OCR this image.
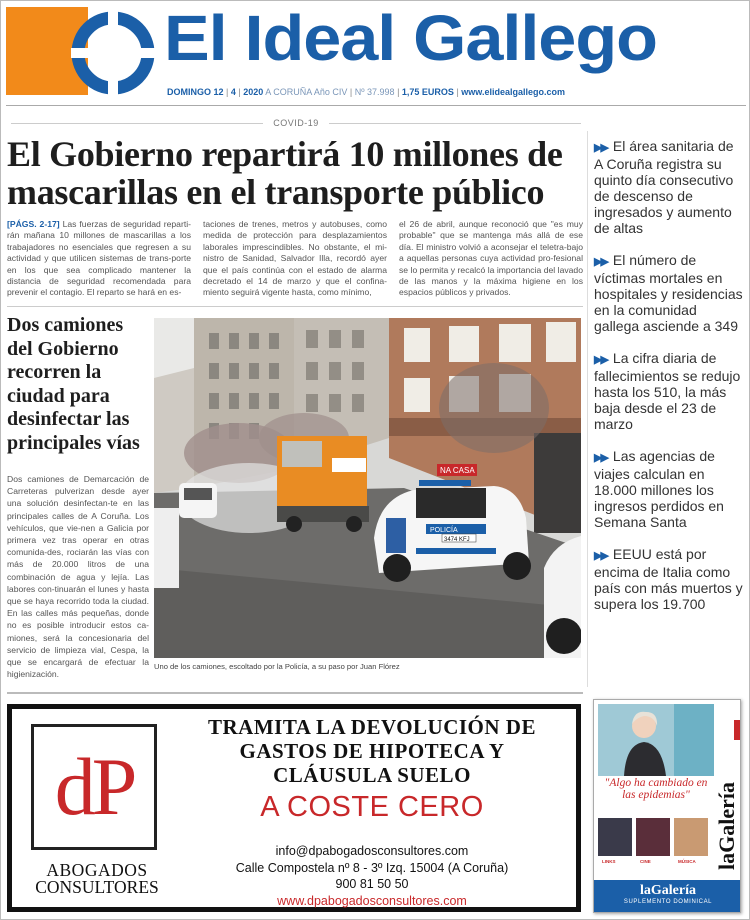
El Ideal Gallego
DOMINGO 12 | 4 | 2020 A CORUÑA Año CIV | Nº 37.998 | 1,75 EUROS | www.elidealgallego.com
COVID-19
El Gobierno repartirá 10 millones de mascarillas en el transporte público

[PÁGS. 2-17] Las fuerzas de seguridad reparti-rán mañana 10 millones de mascarillas a los trabajadores no esenciales que regresen a su actividad y que utilicen sistemas de trans-porte en los que sea complicado mantener la distancia de seguridad recomendada para prevenir el contagio. El reparto se hará en es-

taciones de trenes, metros y autobuses, como medida de protección para desplazamientos laborales imprescindibles. No obstante, el mi-nistro de Sanidad, Salvador Illa, recordó ayer que el país continúa con el estado de alarma decretado el 14 de marzo y que el confina-miento seguirá vigente hasta, como mínimo,

el 26 de abril, aunque reconoció que "es muy probable" que se mantenga más allá de ese día. El ministro volvió a aconsejar el teletra-bajo a aquellas personas cuya actividad pro-fesional se lo permita y recalcó la importancia del lavado de las manos y la máxima higiene en los espacios públicos y privados.

Dos camiones del Gobierno recorren la ciudad para desinfectar las principales vías

Dos camiones de Demarcación de Carreteras pulverizan desde ayer una solución desinfectan-te en las principales calles de A Coruña. Los vehículos, que vie-nen a Galicia por primera vez tras operar en otras comunida-des, rociarán las vías con más de 20.000 litros de una combinación de agua y lejía. Las labores con-tinuarán el lunes y hasta que se haya recorrido toda la ciudad. En las calles más pequeñas, donde no es posible introducir estos ca-miones, será la concesionaria del servicio de limpieza vial, Cespa, la que se encargará de efectuar la higienización.

NA CASA
POLICÍA
3474 KFJ
Uno de los camiones, escoltado por la Policía, a su paso por Juan Flórez

▶▶ El área sanitaria de A Coruña registra su quinto día consecutivo de descenso de ingresados y aumento de altas

▶▶ El número de víctimas mortales en hospitales y residencias en la comunidad gallega asciende a 349

▶▶ La cifra diaria de fallecimientos se redujo hasta los 510, la más baja desde el 23 de marzo

▶▶ Las agencias de viajes calculan en 18.000 millones los ingresos perdidos en Semana Santa

▶▶ EEUU está por encima de Italia como país con más muertos y supera los 19.700

dP
ABOGADOS
CONSULTORES
TRAMITA LA DEVOLUCIÓN DE
GASTOS DE HIPOTECA Y
CLÁUSULA SUELO
A COSTE CERO
info@dpabogadosconsultores.com
Calle Compostela nº 8 - 3º Izq. 15004 (A Coruña)
900 81 50 50
www.dpabogadosconsultores.com
"Algo ha cambiado en las epidemias"
LINKS	CINE	MÚSICA laGalería
laGalería
SUPLEMENTO DOMINICAL
